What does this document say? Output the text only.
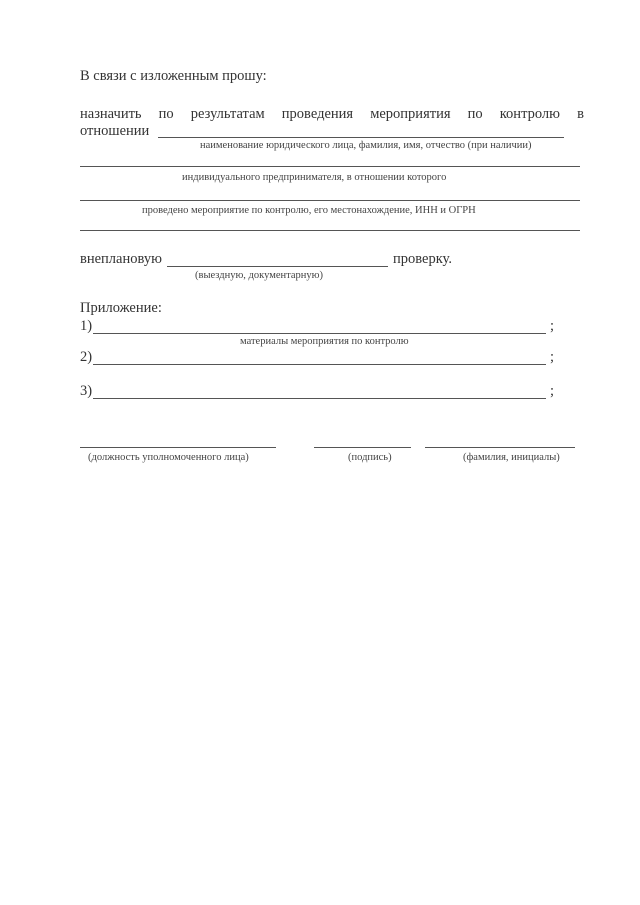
В связи с изложенным прошу:
назначить по результатам проведения мероприятия по контролю в
отношении
наименование юридического лица, фамилия, имя, отчество (при наличии)
индивидуального предпринимателя, в отношении которого
проведено мероприятие по контролю, его местонахождение, ИНН и ОГРН
внеплановую	проверку.
(выездную, документарную)
Приложение:
1)	;
материалы мероприятия по контролю
2)	;
3)	;
(должность уполномоченного лица)	(подпись)	(фамилия, инициалы)
